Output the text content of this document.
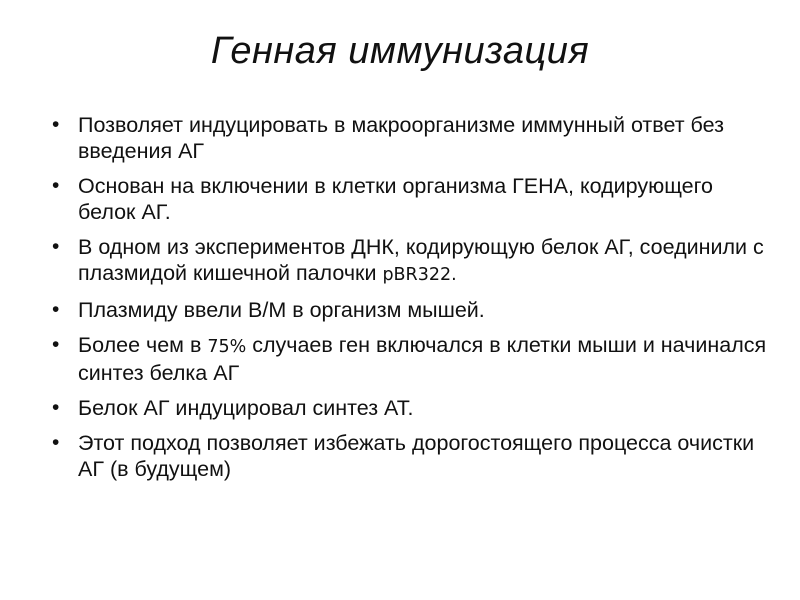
Генная иммунизация
• Позволяет индуцировать в макроорганизме иммунный ответ без введения АГ
• Основан на включении в клетки организма ГЕНА, кодирующего белок АГ.
• В одном из экспериментов ДНК, кодирующую белок АГ, соединили с плазмидой кишечной палочки pBR322.
• Плазмиду ввели В/М в организм мышей.
• Более чем в 75% случаев ген включался в клетки мыши и начинался синтез белка АГ
• Белок АГ индуцировал синтез АТ.
• Этот подход позволяет избежать дорогостоящего процесса очистки АГ (в будущем)
